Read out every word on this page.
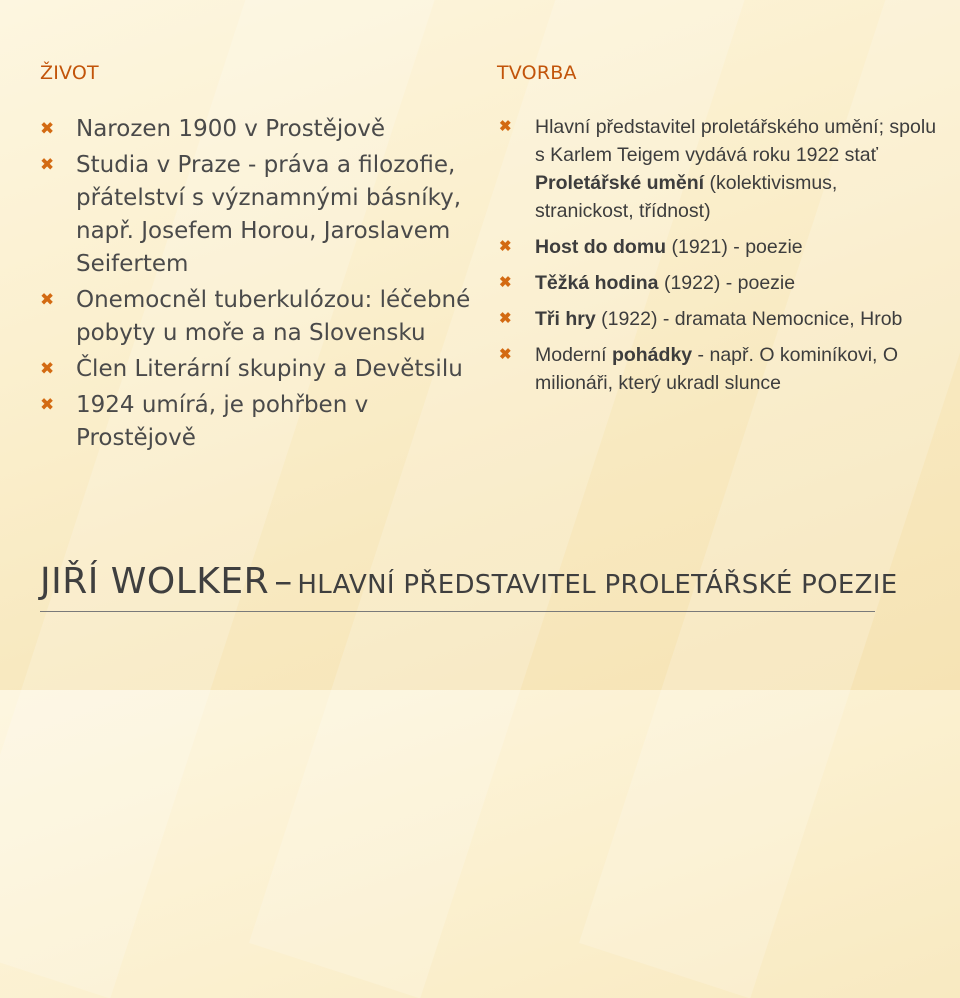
ŽIVOT
✖ Narozen 1900 v Prostějově
✖ Studia v Praze - práva a filozofie, přátelství s významnými básníky, např. Josefem Horou, Jaroslavem Seifertem
✖ Onemocněl tuberkulózou: léčebné pobyty u moře a na Slovensku
✖ Člen Literární skupiny a Devětsilu
✖ 1924 umírá, je pohřben v Prostějově
TVORBA
✖ Hlavní představitel proletářského umění; spolu s Karlem Teigem vydává roku 1922 stať Proletářské umění (kolektivismus, stranickost, třídnost)
✖ Host do domu (1921) - poezie
✖ Těžká hodina (1922) - poezie
✖ Tři hry (1922) - dramata Nemocnice, Hrob
✖ Moderní pohádky - např. O kominíkovi, O milionáři, který ukradl slunce
JIŘÍ WOLKER – HLAVNÍ PŘEDSTAVITEL PROLETÁŘSKÉ POEZIE
